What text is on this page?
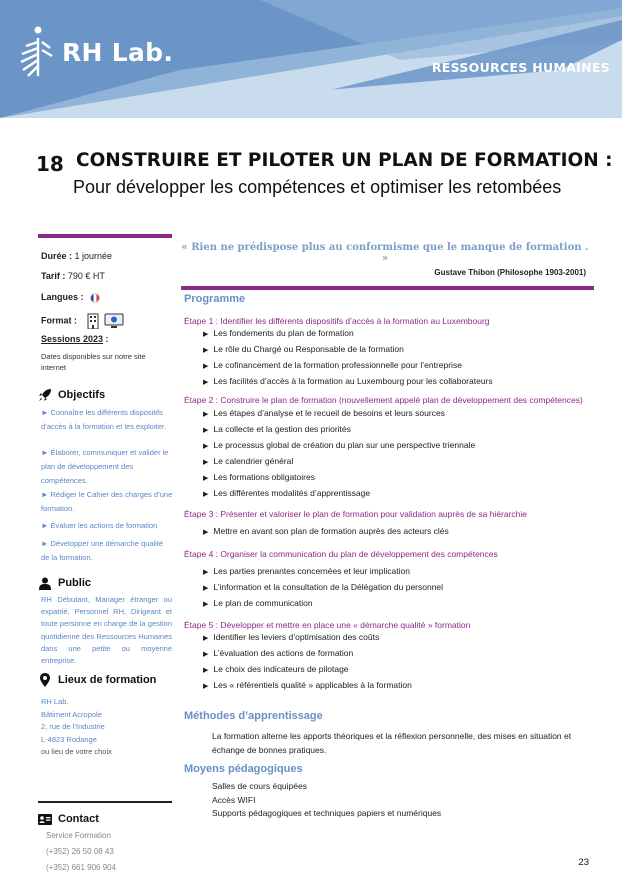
RH Lab.
RESSOURCES HUMAINES
18 CONSTRUIRE ET PILOTER UN PLAN DE FORMATION :
Pour développer les compétences et optimiser les retombées
Durée : 1 journée
Tarif : 790 € HT
Langues :
Format :
Sessions 2023 :
Dates disponibles sur notre site internet
Objectifs
► Connaître les différents dispositifs d’accès à la formation et les exploiter.
► Élaborer, communiquer et valider le plan de développement des compétences.
► Rédiger le Cahier des charges d’une formation.
► Évaluer les actions de formation
► Développer une démarche qualité de la formation.
Public
RH Débutant, Manager étranger ou expatrié, Personnel RH, Dirigeant et toute personne en charge de la gestion quotidienne des Ressources Humaines dans une petite ou moyenne entreprise.
Lieux de formation
RH Lab.
Bâtiment Acropole
2, rue de l’Industrie
L-4823 Rodange
ou lieu de votre choix
Contact
Service Formation
(+352) 26 50 08 43
(+352) 661 906 904
« Rien ne prédispose plus au conformisme que le manque de formation . »
Gustave Thibon (Philosophe 1903-2001)
Programme
Étape 1 : Identifier les différents dispositifs d’accès à la formation au Luxembourg
▶ Les fondements du plan de formation
▶ Le rôle du Chargé ou Responsable de la formation
▶ Le cofinancement de la formation professionnelle pour l’entreprise
▶ Les facilités d’accès à la formation au Luxembourg pour les collaborateurs
Étape 2 : Construire le plan de formation (nouvellement appelé plan de développement des compétences)
▶ Les étapes d’analyse et le recueil de besoins et leurs sources
▶ La collecte et la gestion des priorités
▶ Le processus global de création du plan sur une perspective triennale
▶ Le calendrier général
▶ Les formations obligatoires
▶ Les différentes modalités d’apprentissage
Étape 3 : Présenter et valoriser le plan de formation pour validation auprès de sa hiérarchie
▶ Mettre en avant son plan de formation auprès des acteurs clés
Étape 4 : Organiser la communication du plan de développement des compétences
▶ Les parties prenantes concernées et leur implication
▶ L’information et la consultation de la Délégation du personnel
▶ Le plan de communication
Étape 5 : Développer et mettre en place une « démarche qualité » formation
▶ Identifier les leviers d’optimisation des coûts
▶ L’évaluation des actions de formation
▶ Le choix des indicateurs de pilotage
▶ Les « référentiels qualité » applicables à la formation
Méthodes d’apprentissage
La formation alterne les apports théoriques et la réflexion personnelle, des mises en situation et échange de bonnes pratiques.
Moyens pédagogiques
Salles de cours équipées
Accès WIFI
Supports pédagogiques et techniques papiers et numériques
23
